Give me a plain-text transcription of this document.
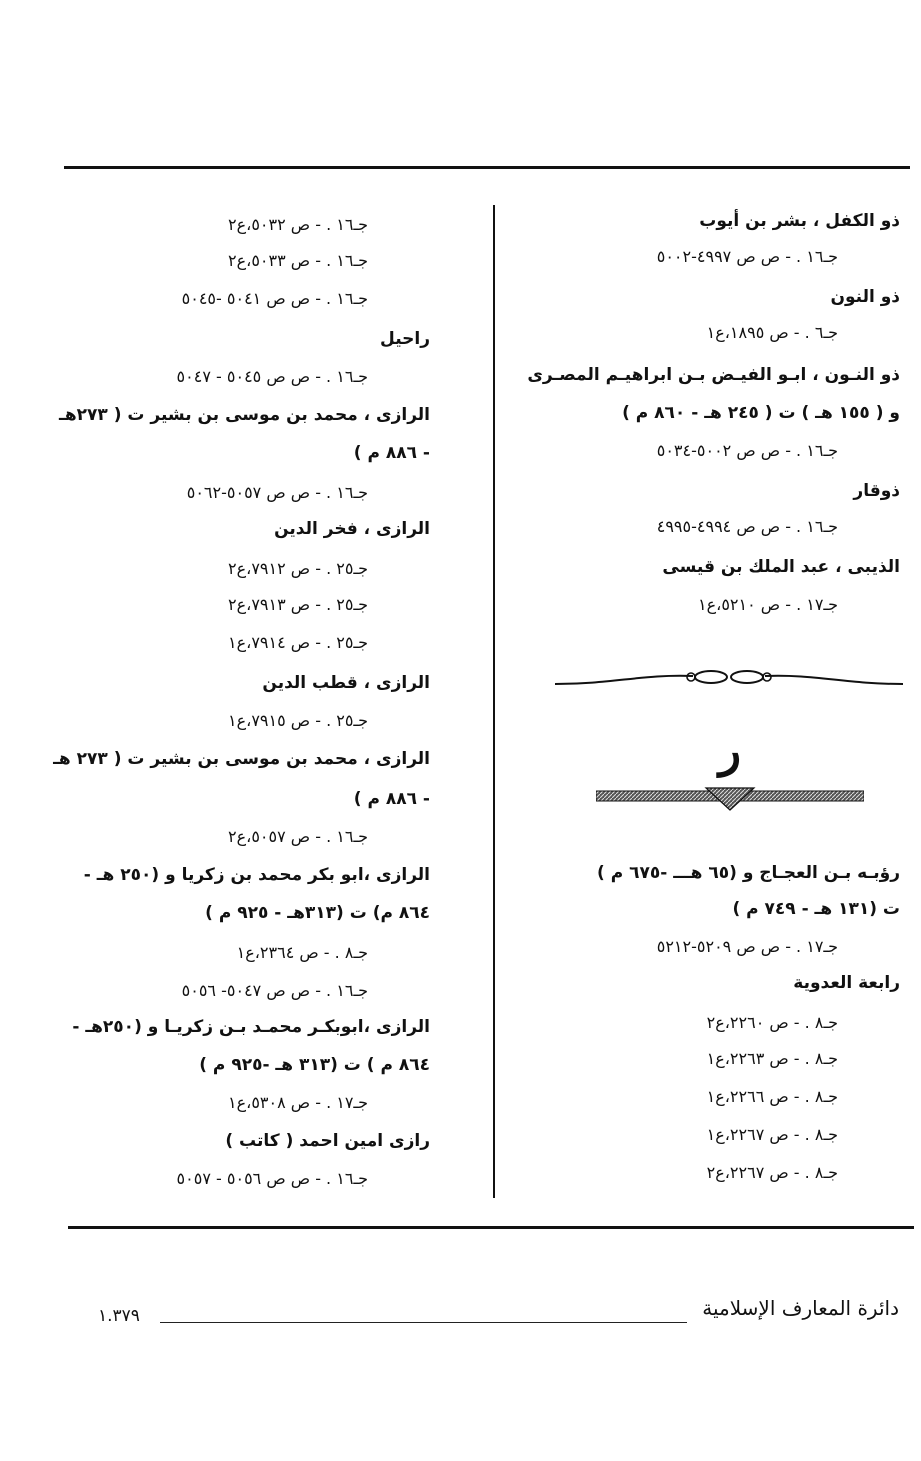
ذو الكفل ، بشر بن أيوب
جـ١٦ . - ص ص ٤٩٩٧-٥٠٠٢
ذو النون
جـ٦ . - ص ١٨٩٥،ع١
ذو النـون ، ابـو الفيـض بـن ابراهيـم المصـرى
و ( ١٥٥ هـ ) ت ( ٢٤٥ هـ - ٨٦٠ م )
جـ١٦ . - ص ص ٥٠٠٢-٥٠٣٤
ذوقار
جـ١٦ . - ص ص ٤٩٩٤-٤٩٩٥
الذيبى ، عبد الملك بن قيسى
جـ١٧ . - ص ٥٢١٠،ع١
ر
رؤبـه بـن العجـاج و (٦٥ هـــ -٦٧٥ م )
ت (١٣١ هـ - ٧٤٩ م )
جـ١٧ . - ص ص ٥٢٠٩-٥٢١٢
رابعة العدوية
جـ٨ . - ص ٢٢٦٠،ع٢
جـ٨ . - ص ٢٢٦٣،ع١
جـ٨ . - ص ٢٢٦٦،ع١
جـ٨ . - ص ٢٢٦٧،ع١
جـ٨ . - ص ٢٢٦٧،ع٢
جـ١٦ . - ص ٥٠٣٢،ع٢
جـ١٦ . - ص ٥٠٣٣،ع٢
جـ١٦ . - ص ص ٥٠٤١ -٥٠٤٥
راحيل
جـ١٦ . - ص ص ٥٠٤٥ - ٥٠٤٧
الرازى ، محمد بن موسى بن بشير ت ( ٢٧٣هـ
- ٨٨٦ م )
جـ١٦ . - ص ص ٥٠٥٧-٥٠٦٢
الرازى ، فخر الدين
جـ٢٥ . - ص ٧٩١٢،ع٢
جـ٢٥ . - ص ٧٩١٣،ع٢
جـ٢٥ . - ص ٧٩١٤،ع١
الرازى ، قطب الدين
جـ٢٥ . - ص ٧٩١٥،ع١
الرازى ، محمد بن موسى بن بشير ت ( ٢٧٣ هـ
- ٨٨٦ م )
جـ١٦ . - ص ٥٠٥٧،ع٢
الرازى ،ابو بكر محمد بن زكريا و (٢٥٠ هـ -
٨٦٤ م) ت (٣١٣هـ - ٩٢٥ م )
جـ٨ . - ص ٢٣٦٤،ع١
جـ١٦ . - ص ص ٥٠٤٧- ٥٠٥٦
الرازى ،ابوبكـر محمـد بـن زكريـا و (٢٥٠هـ -
٨٦٤ م ) ت (٣١٣ هـ -٩٢٥ م )
جـ١٧ . - ص ٥٣٠٨،ع١
رازى امين احمد ( كاتب )
جـ١٦ . - ص ص ٥٠٥٦ - ٥٠٥٧
دائرة المعارف الإسلامية
١.٣٧٩
